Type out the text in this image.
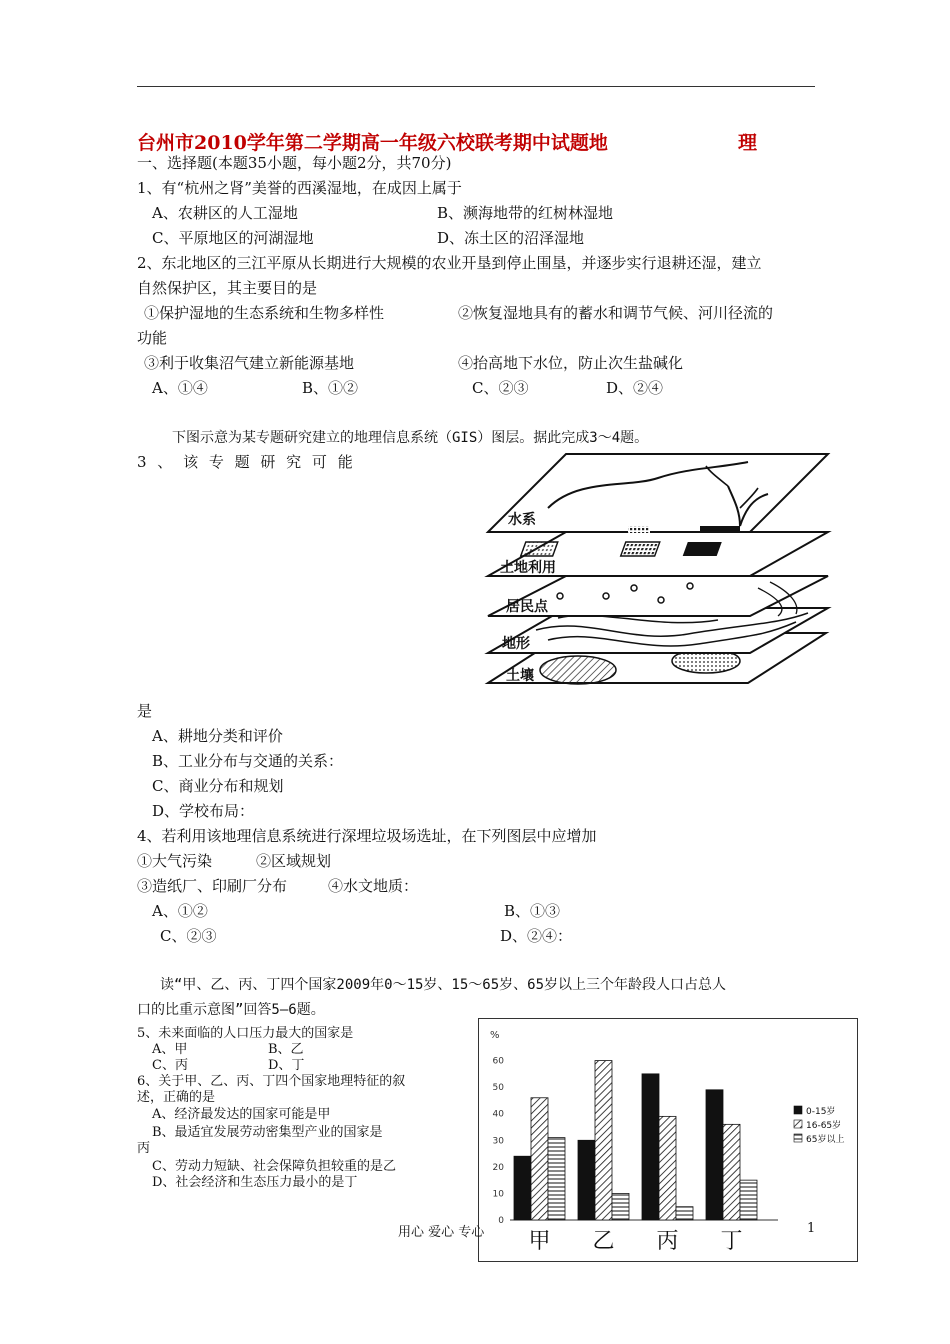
台州市2010学年第二学期高一年级六校联考期中试题地	理
一、选择题(本题35小题，每小题2分，共70分)
1、有“杭州之肾”美誉的西溪湿地，在成因上属于
A、农耕区的人工湿地	B、濒海地带的红树林湿地
C、平原地区的河湖湿地	D、冻土区的沼泽湿地
2、东北地区的三江平原从长期进行大规模的农业开垦到停止围垦，并逐步实行退耕还湿，建立
自然保护区，其主要目的是
①保护湿地的生态系统和生物多样性	②恢复湿地具有的蓄水和调节气候、河川径流的
功能
③利于收集沼气建立新能源基地	④抬高地下水位，防止次生盐碱化
A、①④	B、①②	C、②③	D、②④
下图示意为某专题研究建立的地理信息系统（GIS）图层。据此完成3～4题。
3 、 该 专 题 研 究 可 能
水系
土地利用
居民点
地形
土壤
是
A、耕地分类和评价
B、工业分布与交通的关系：
C、商业分布和规划
D、学校布局：
4、若利用该地理信息系统进行深埋垃圾场选址，在下列图层中应增加
①大气污染	②区域规划
③造纸厂、印刷厂分布	④水文地质：
A、①②	B、①③
C、②③	D、②④：
读“甲、乙、丙、丁四个国家2009年0～15岁、15～65岁、65岁以上三个年龄段人口占总人
口的比重示意图”回答5—6题。
5、未来面临的人口压力最大的国家是
A、甲	B、乙
C、丙	D、丁
6、关于甲、乙、丙、丁四个国家地理特征的叙
述，正确的是
A、经济最发达的国家可能是甲
B、最适宜发展劳动密集型产业的国家是
丙
C、劳动力短缺、社会保障负担较重的是乙
D、社会经济和生态压力最小的是丁
%
0
10
20
30
40
50
60
甲 乙 丙 丁
0-15岁
16-65岁
65岁以上
用心 爱心 专心	1
